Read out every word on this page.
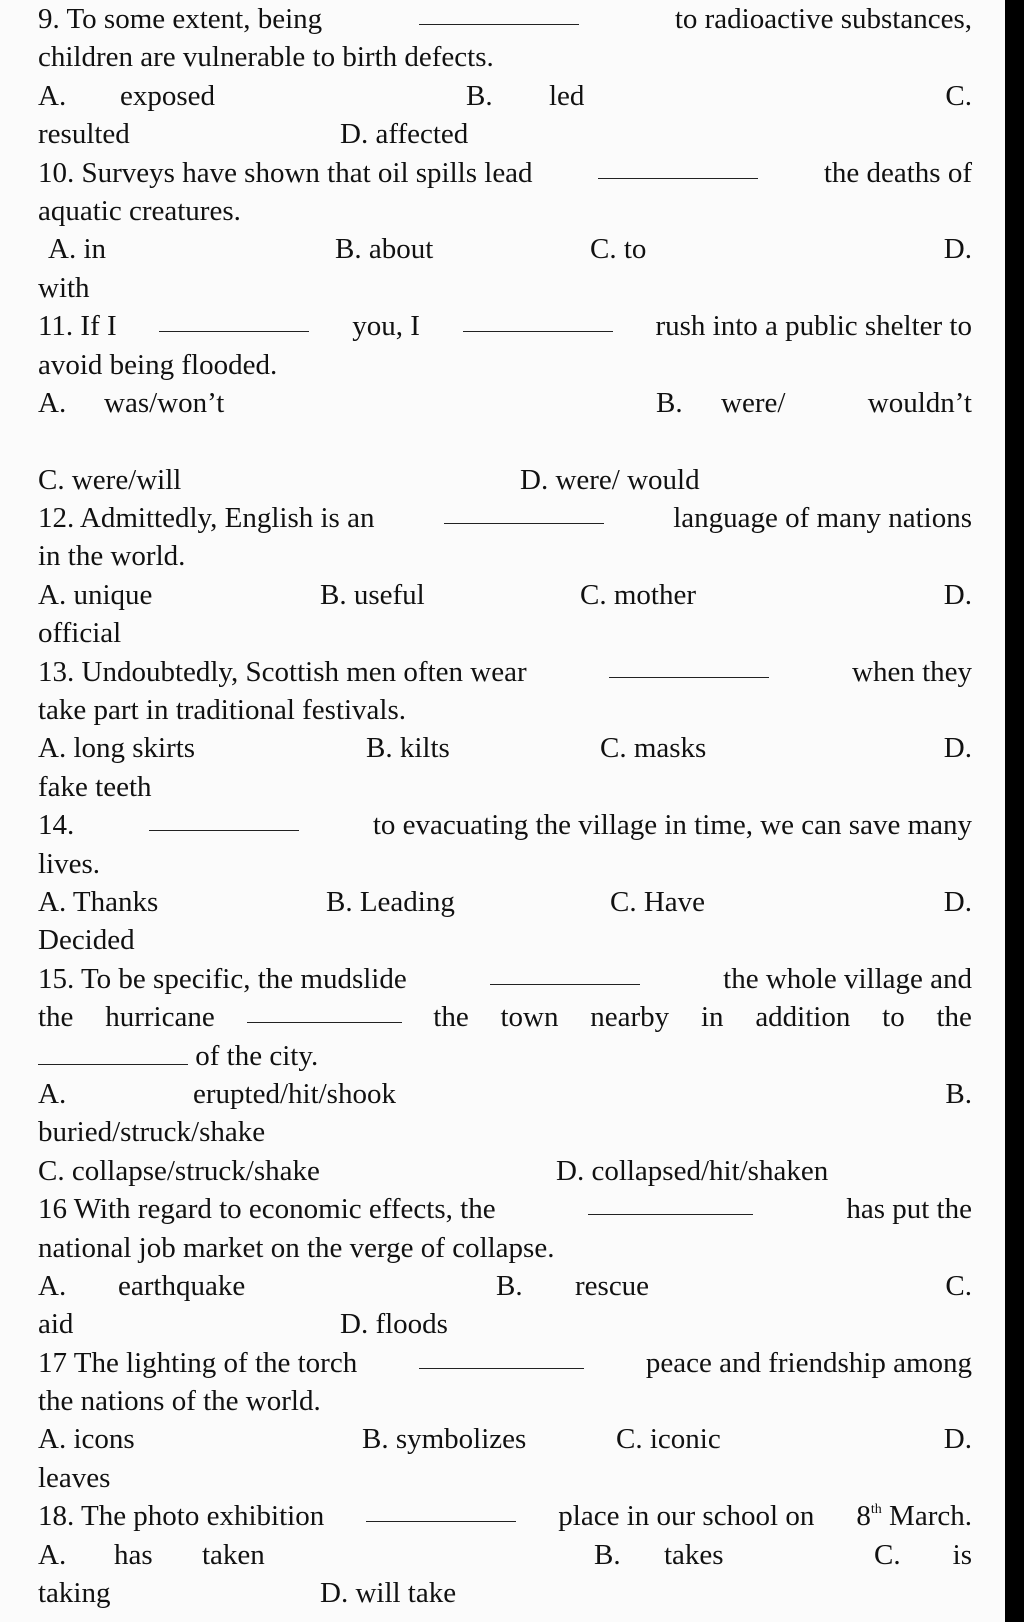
9. To some extent, being	to radioactive substances,
children are vulnerable to birth defects.
A. exposed	B. led	C.
resulted	D. affected
10. Surveys have shown that oil spills lead	the deaths of
aquatic creatures.
A. in	B. about	C. to	D.
with
11. If I	you, I	rush into a public shelter to
avoid being flooded.
A. was/won’t	B. were/	wouldn’t
C. were/will	D. were/ would
12. Admittedly, English is an	language of many nations
in the world.
A. unique	B. useful	C. mother	D.
official
13. Undoubtedly, Scottish men often wear	when they
take part in traditional festivals.
A. long skirts	B. kilts	C. masks	D.
fake teeth
14.	to evacuating the village in time, we can save many
lives.
A. Thanks	B. Leading	C. Have	D.
Decided
15. To be specific, the mudslide	the whole village and
the hurricane	the town nearby in addition to the
of the city.
A.	erupted/hit/shook	B.
buried/struck/shake
C. collapse/struck/shake	D. collapsed/hit/shaken
16 With regard to economic effects, the	has put the
national job market on the verge of collapse.
A. earthquake	B. rescue	C.
aid	D. floods
17 The lighting of the torch	peace and friendship among
the nations of the world.
A. icons	B. symbolizes	C. iconic	D.
leaves
18. The photo exhibition	place in our school on 8th March.
A. has taken	B. takes	C. is
taking	D. will take
